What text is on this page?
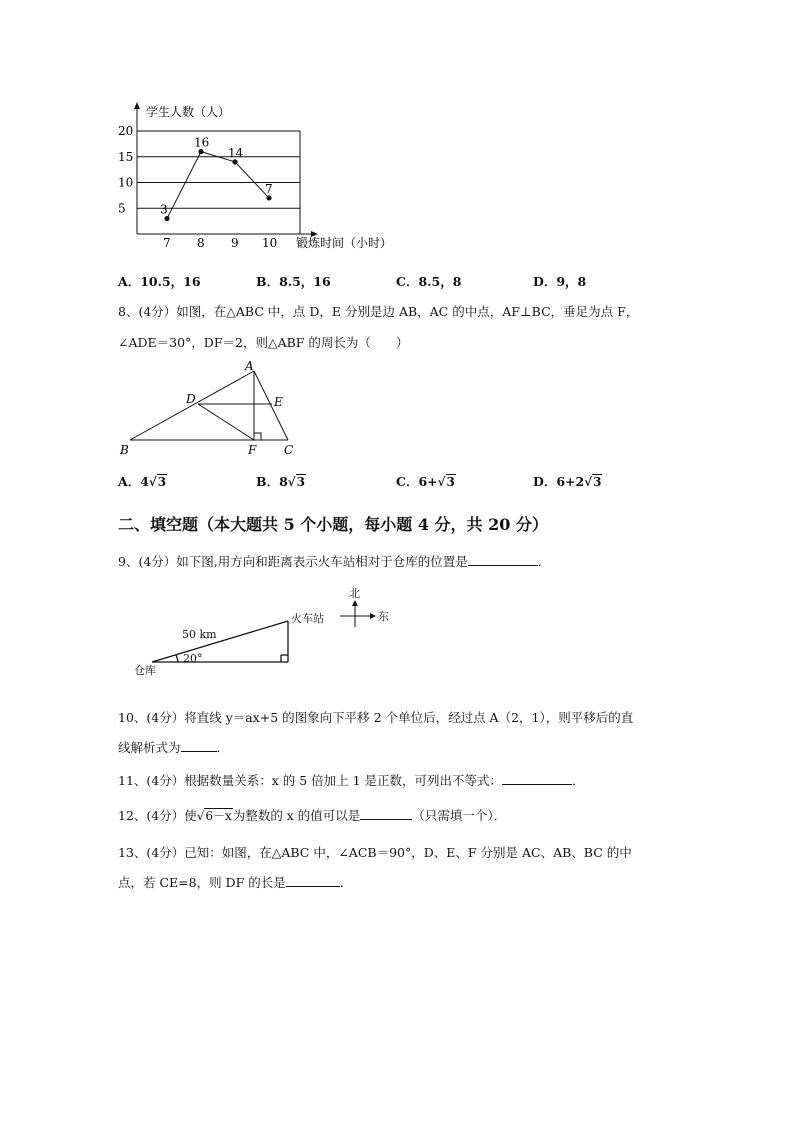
5
10
15
20
7 8 9 10
3
16
14
7
学生人数（人）
锻炼时间（小时）
A．10.5，16	B．8.5，16	C．8.5，8	D．9，8
8、(4分）如图，在△ABC 中，点 D，E 分别是边 AB，AC 的中点，AF⊥BC，垂足为点 F，
∠ADE＝30°，DF＝2，则△ABF 的周长为（　　）
A
B	C
D	E
F
A．4√3	B．8√3	C．6+√3	D．6+2√3
二、填空题（本大题共 5 个小题，每小题 4 分，共 20 分）
9、(4分）如下图,用方向和距离表示火车站相对于仓库的位置是	．
50 km
20°
火车站
仓库
北
东
10、(4分）将直线 y＝ax+5 的图象向下平移 2 个单位后，经过点 A（2，1），则平移后的直
线解析式为	．
11、(4分）根据数量关系：x 的 5 倍加上 1 是正数，可列出不等式：	．
12、(4分）使√6－x为整数的 x 的值可以是	（只需填一个）．
13、(4分）已知：如图，在△ABC 中，∠ACB＝90°，D、E、F 分别是 AC、AB、BC 的中
点，若 CE=8，则 DF 的长是	．
